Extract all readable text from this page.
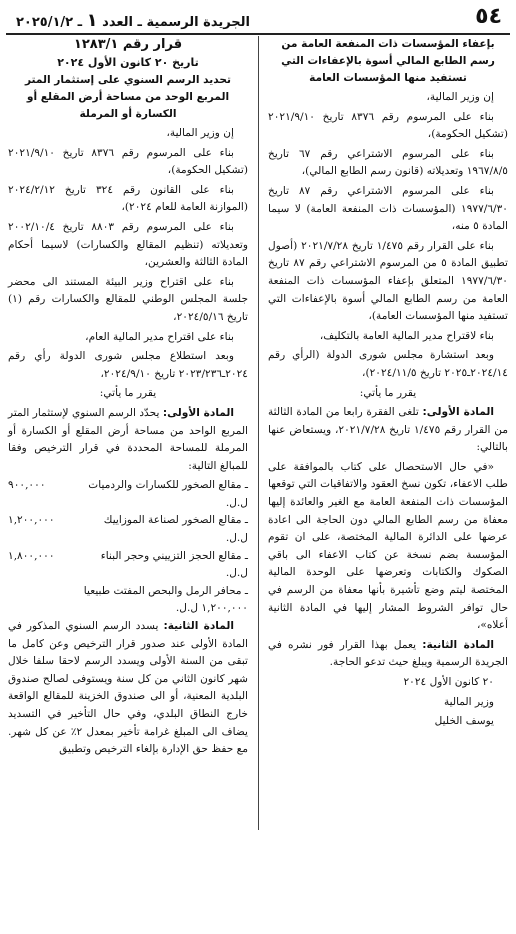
٥٤
الجريدة الرسمية ـ العدد ١ ـ ٢٠٢٥/١/٢

بإعفاء المؤسسات ذات المنفعة العامة من رسم الطابع المالي أسوة بالإعفاءات التي تستفيد منها المؤسسات العامة

إن وزير المالية،

بناء على المرسوم رقم ٨٣٧٦ تاريخ ٢٠٢١/٩/١٠ (تشكيل الحكومة)،

بناء على المرسوم الاشتراعي رقم ٦٧ تاريخ ١٩٦٧/٨/٥ وتعديلاته (قانون رسم الطابع المالي)،

بناء على المرسوم الاشتراعي رقم ٨٧ تاريخ ١٩٧٧/٦/٣٠ (المؤسسات ذات المنفعة العامة) لا سيما المادة ٥ منه،

بناء على القرار رقم ١/٤٧٥ تاريخ ٢٠٢١/٧/٢٨ (أصول تطبيق المادة ٥ من المرسوم الاشتراعي رقم ٨٧ تاريخ ١٩٧٧/٦/٣٠ المتعلق بإعفاء المؤسسات ذات المنفعة العامة من رسم الطابع المالي أسوة بالإعفاءات التي تستفيد منها المؤسسات العامة)،

بناء لاقتراح مدير المالية العامة بالتكليف،

وبعد استشارة مجلس شورى الدولة (الرأي رقم ٢٠٢٤/١٤ـ٢٠٢٥ تاريخ ٢٠٢٤/١١/٥)،

يقرر ما يأتي:

المادة الأولى: تلغى الفقرة رابعا من المادة الثالثة من القرار رقم ١/٤٧٥ تاريخ ٢٠٢١/٧/٢٨، ويستعاض عنها بالتالي:

«في حال الاستحصال على كتاب بالموافقة على طلب الاعفاء، تكون نسخ العقود والاتفاقيات التي توقعها المؤسسات ذات المنفعة العامة مع الغير والعائدة إليها معفاة من رسم الطابع المالي دون الحاجة الى اعادة عرضها على الدائرة المالية المختصة، على ان تقوم المؤسسة بضم نسخة عن كتاب الاعفاء الى باقي الصكوك والكتابات وتعرضها على الوحدة المالية المختصة ليتم وضع تأشيرة بأنها معفاة من الرسم في حال توافر الشروط المشار إليها في المادة الثانية أعلاه»،

المادة الثانية: يعمل بهذا القرار فور نشره في الجريدة الرسمية ويبلغ حيث تدعو الحاجة.

٢٠ كانون الأول ٢٠٢٤

وزير المالية

يوسف الخليل

قرار رقم ١٢٨٣/١

تاريخ ٢٠ كانون الأول ٢٠٢٤

تحديد الرسم السنوي على إستثمار المتر المربع الوحد من مساحة أرض المقلع أو الكسارة أو المرملة

إن وزير المالية،

بناء على المرسوم رقم ٨٣٧٦ تاريخ ٢٠٢١/٩/١٠ (تشكيل الحكومة)،

بناء على القانون رقم ٣٢٤ تاريخ ٢٠٢٤/٢/١٢ (الموازنة العامة للعام ٢٠٢٤)،

بناء على المرسوم رقم ٨٨٠٣ تاريخ ٢٠٠٢/١٠/٤ وتعديلاته (تنظيم المقالع والكسارات) لاسيما أحكام المادة الثالثة والعشرين،

بناء على اقتراح وزير البيئة المستند الى محضر جلسة المجلس الوطني للمقالع والكسارات رقم (١) تاريخ ٢٠٢٤/٥/١٦،

بناء على اقتراح مدير المالية العام،

وبعد استطلاع مجلس شورى الدولة رأي رقم ٢٠٢٤ـ٢٠٢٣/٢٣٦ تاريخ ٢٠٢٤/٩/١٠،

يقرر ما يأتي:

المادة الأولى: يحدّد الرسم السنوي لإستثمار المتر المربع الواحد من مساحة أرض المقلع أو الكسارة أو المرملة للمساحة المحددة في قرار الترخيص وفقا للمبالغ التالية:

ـ مقالع الصخور للكسارات والردميات
٩٠٠,٠٠٠
ل.ل.
ـ مقالع الصخور لصناعة الموزاييك
١,٢٠٠,٠٠٠
ل.ل.
ـ مقالع الحجز التزييني وحجر البناء
١,٨٠٠,٠٠٠
ل.ل.
ـ محافر الرمل والبحص المفتت طبيعيا
١,٢٠٠,٠٠٠ ل.ل.

المادة الثانية: يسدد الرسم السنوي المذكور في المادة الأولى عند صدور قرار الترخيص وعن كامل ما تبقى من السنة الأولى ويسدد الرسم لاحقا سلفا خلال شهر كانون الثاني من كل سنة ويستوفى لصالح صندوق البلدية المعنية، أو الى صندوق الخزينة للمقالع الواقعة خارج النطاق البلدي، وفي حال التأخير في التسديد يضاف الى المبلغ غرامة تأخير بمعدل ٢٪ عن كل شهر. مع حفظ حق الإدارة بإلغاء الترخيص وتطبيق
